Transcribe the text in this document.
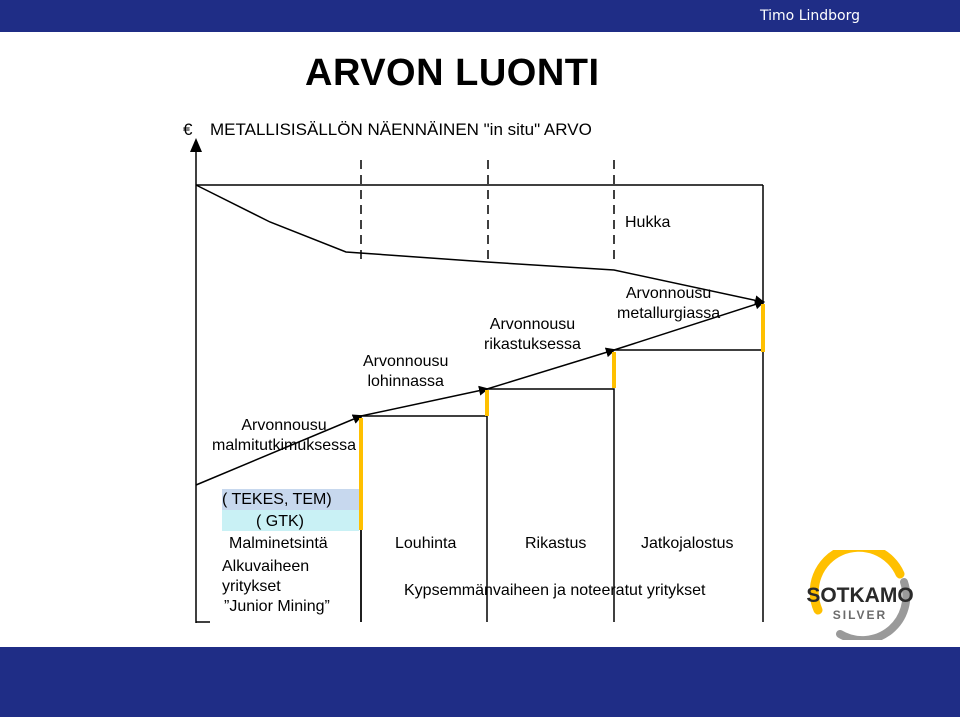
Timo Lindborg
ARVON LUONTI
€ METALLISISÄLLÖN NÄENNÄINEN "in situ" ARVO
Hukka
Arvonnousu
malmitutkimuksessa
Arvonnousu
lohinnassa
Arvonnousu
rikastuksessa
Arvonnousu
metallurgiassa
( TEKES, TEM)
( GTK)
Malminetsintä	Louhinta	Rikastus	Jatkojalostus
Alkuvaiheen
yritykset
”Junior Mining”
Kypsemmänvaiheen ja noteeratut yritykset	SOTKAMO
SILVER
